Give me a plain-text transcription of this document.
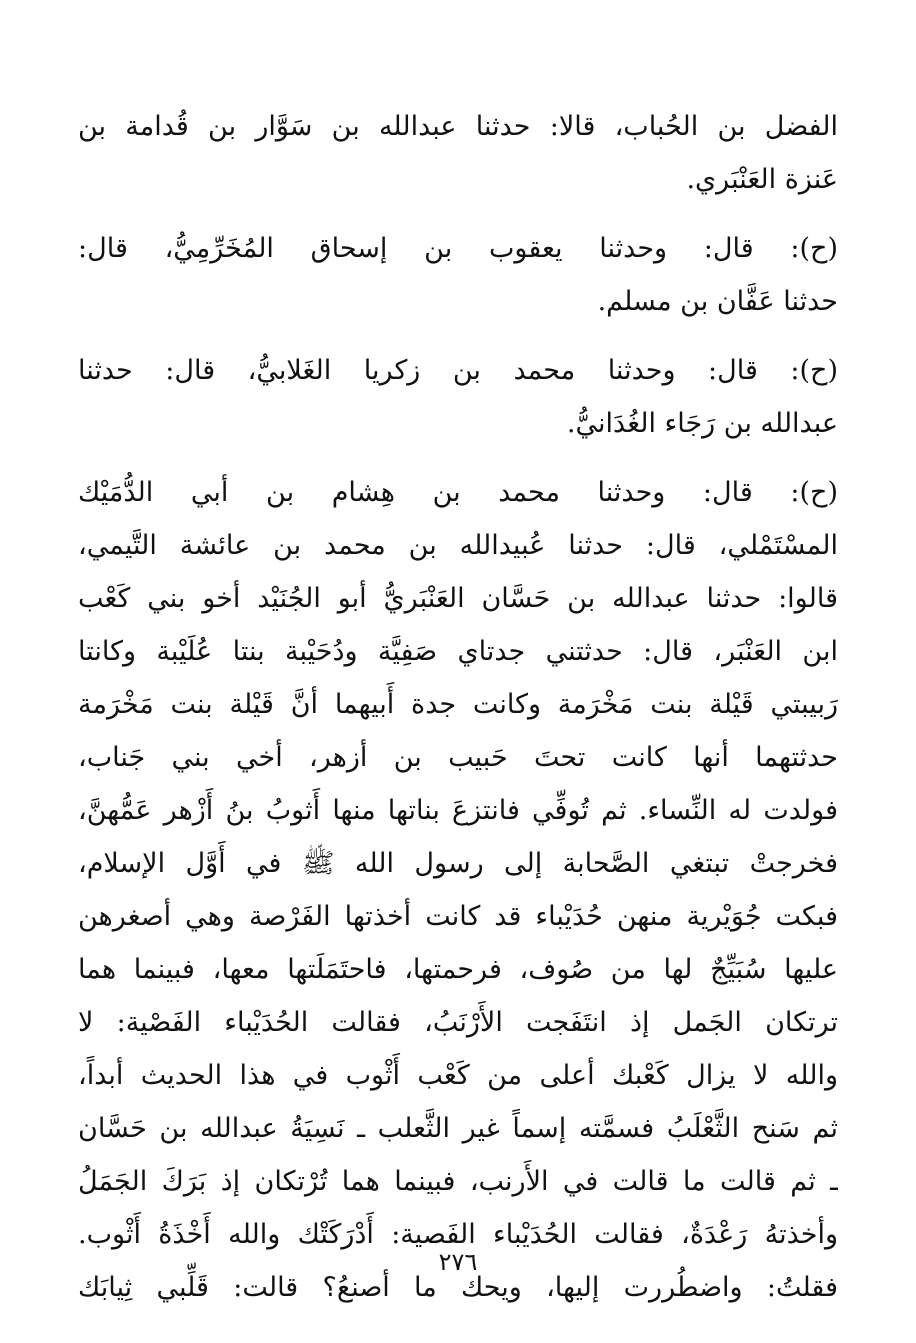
الفضل بن الحُباب، قالا: حدثنا عبدالله بن سَوَّار بن قُدامة بن
عَنزة العَنْبَري.
(ح): قال: وحدثنا يعقوب بن إسحاق المُخَرِّمِيُّ، قال:
حدثنا عَفَّان بن مسلم.
(ح): قال: وحدثنا محمد بن زكريا الغَلابيُّ، قال: حدثنا
عبدالله بن رَجَاء الغُدَانيُّ.
(ح): قال: وحدثنا محمد بن هِشام بن أبي الدُّمَيْك
المسْتَمْلي، قال: حدثنا عُبيدالله بن محمد بن عائشة التَّيمي،
قالوا: حدثنا عبدالله بن حَسَّان العَنْبَريُّ أبو الجُنَيْد أخو بني كَعْب
ابن العَنْبَر، قال: حدثتني جدتاي صَفِيَّة ودُحَيْبة بنتا عُلَيْبة وكانتا
رَبيبتي قَيْلة بنت مَخْرَمة وكانت جدة أَبيهما أنَّ قَيْلة بنت مَخْرَمة
حدثتهما أنها كانت تحتَ حَبيب بن أزهر، أخي بني جَناب،
فولدت له النِّساء. ثم تُوفِّي فانتزعَ بناتها منها أَثوبُ بنُ أَزْهر عَمُّهنَّ،
فخرجتْ تبتغي الصَّحابة إلى رسول الله ﷺ في أَوَّل الإسلام،
فبكت جُوَيْرية منهن حُدَيْباء قد كانت أخذتها الفَرْصة وهي أصغرهن
عليها سُبَيِّجٌ لها من صُوف، فرحمتها، فاحتَمَلَتها معها، فبينما هما
ترتكان الجَمل إذ انتَفَجت الأَرْنَبُ، فقالت الحُدَيْباء الفَصْية: لا
والله لا يزال كَعْبك أعلى من كَعْب أَثْوب في هذا الحديث أبداً،
ثم سَنح الثَّعْلَبُ فسمَّته إسماً غير الثَّعلب ـ نَسِيَةُ عبدالله بن حَسَّان
ـ ثم قالت ما قالت في الأَرنب، فبينما هما تُرْتكان إذ بَرَكَ الجَمَلُ
وأخذتهُ رَعْدَةٌ، فقالت الحُدَيْباء الفَصية: أَدْرَكَتْك والله أَخْذَةُ أَثْوب.
فقلتُ: واضطُررت إليها، ويحك ما أصنعُ؟ قالت: قَلِّبي ثِيابَك
٢٧٦
